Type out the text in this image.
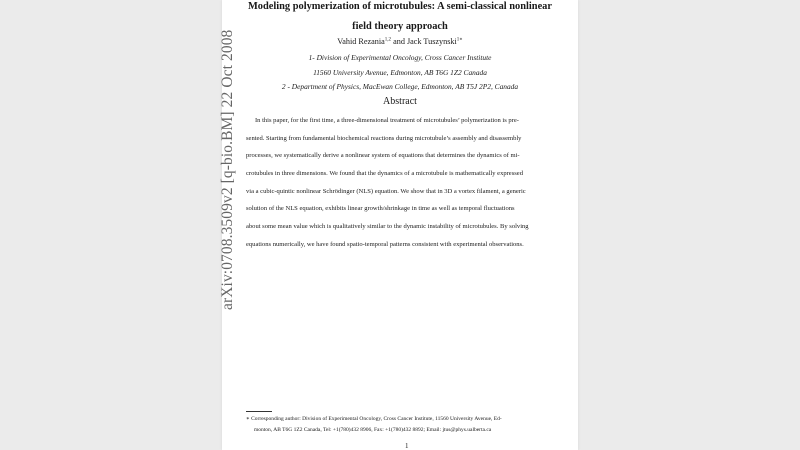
arXiv:0708.3509v2 [q-bio.BM] 22 Oct 2008
Modeling polymerization of microtubules: A semi-classical nonlinear
field theory approach
Vahid Rezania$^{1,2}$ and Jack Tuszynski$^{1∗}$
1- Division of Experimental Oncology, Cross Cancer Institute
11560 University Avenue, Edmonton, AB T6G 1Z2 Canada
2 - Department of Physics, MacEwan College, Edmonton, AB T5J 2P2, Canada
Abstract
In this paper, for the first time, a three-dimensional treatment of microtubules’ polymerization is pre-
sented. Starting from fundamental biochemical reactions during microtubule’s assembly and disassembly
processes, we systematically derive a nonlinear system of equations that determines the dynamics of mi-
crotubules in three dimensions. We found that the dynamics of a microtubule is mathematically expressed
via a cubic-quintic nonlinear Schrödinger (NLS) equation. We show that in 3D a vortex filament, a generic
solution of the NLS equation, exhibits linear growth/shrinkage in time as well as temporal fluctuations
about some mean value which is qualitatively similar to the dynamic instability of microtubules. By solving
equations numerically, we have found spatio-temporal patterns consistent with experimental observations.
∗ Corresponding author: Division of Experimental Oncology, Cross Cancer Institute, 11560 University Avenue, Ed-
monton, AB T6G 1Z2 Canada, Tel: +1(780)432 8906, Fax: +1(780)432 8892; Email: jtus@phys.ualberta.ca
1
